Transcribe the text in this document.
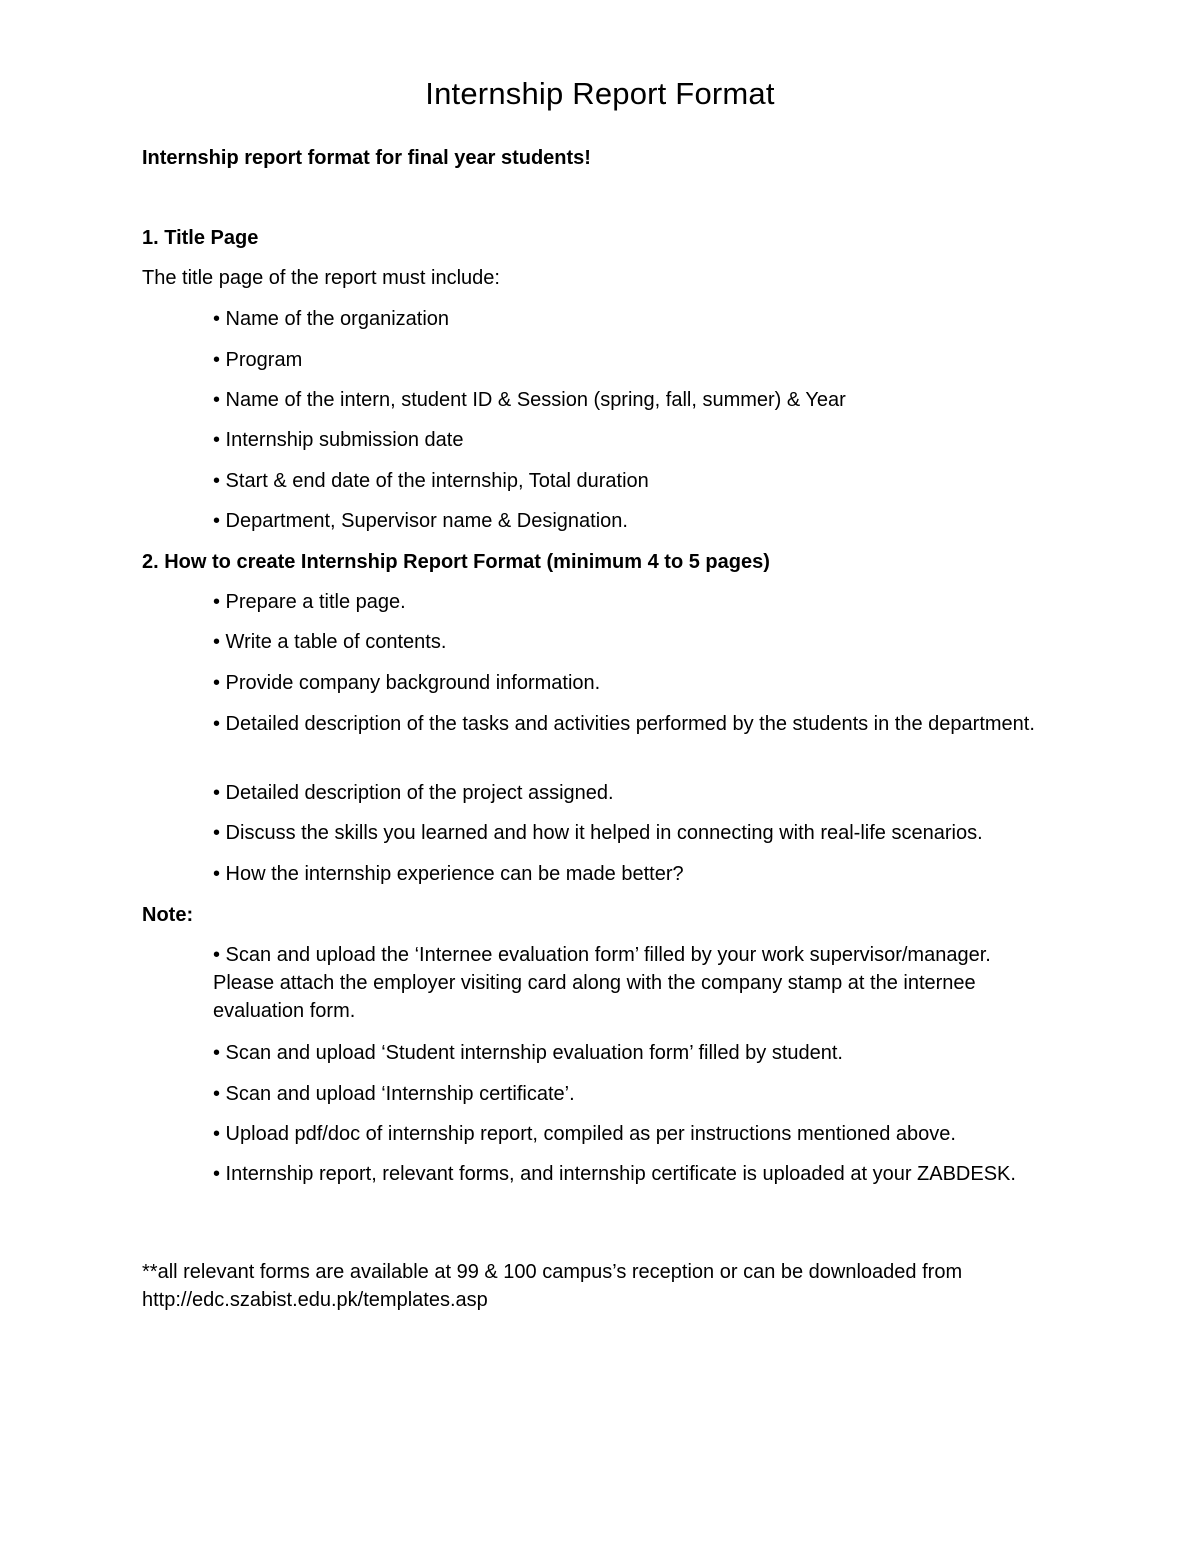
Internship Report Format
Internship report format for final year students!
1. Title Page
The title page of the report must include:
• Name of the organization
• Program
• Name of the intern, student ID & Session (spring, fall, summer) & Year
• Internship submission date
• Start & end date of the internship, Total duration
• Department, Supervisor name & Designation.
2. How to create Internship Report Format (minimum 4 to 5 pages)
• Prepare a title page.
• Write a table of contents.
• Provide company background information.
• Detailed description of the tasks and activities performed by the students in the department.
• Detailed description of the project assigned.
• Discuss the skills you learned and how it helped in connecting with real-life scenarios.
• How the internship experience can be made better?
Note:
• Scan and upload the ‘Internee evaluation form’ filled by your work supervisor/manager. Please attach the employer visiting card along with the company stamp at the internee evaluation form.
• Scan and upload ‘Student internship evaluation form’ filled by student.
• Scan and upload ‘Internship certificate’.
• Upload pdf/doc of internship report, compiled as per instructions mentioned above.
• Internship report, relevant forms, and internship certificate is uploaded at your ZABDESK.
**all relevant forms are available at 99 & 100 campus’s reception or can be downloaded from http://edc.szabist.edu.pk/templates.asp
